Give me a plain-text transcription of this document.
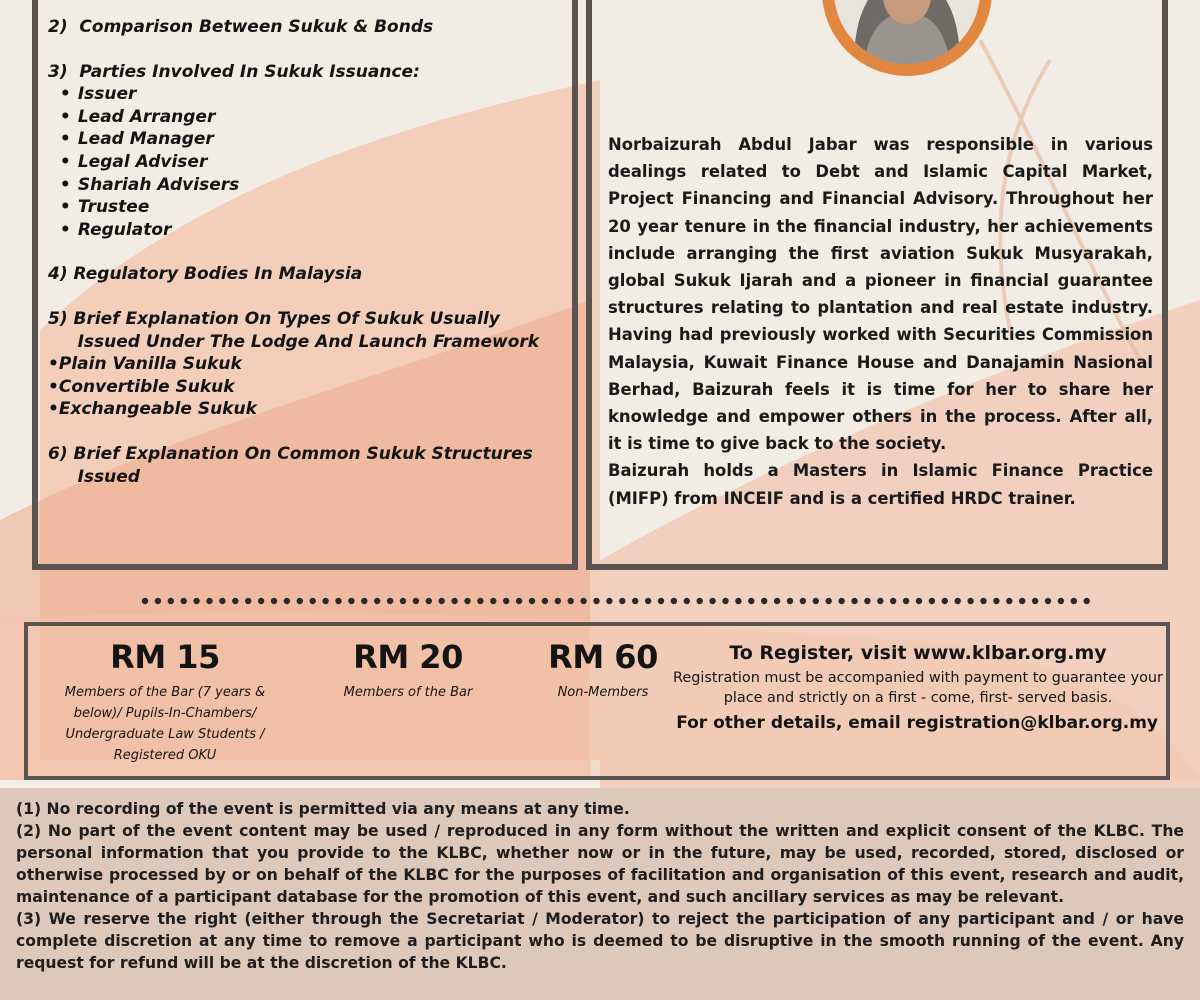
2)  Comparison Between Sukuk & Bonds
3)  Parties Involved In Sukuk Issuance:
• Issuer
• Lead Arranger
• Lead Manager
• Legal Adviser
• Shariah Advisers
• Trustee
• Regulator
4) Regulatory Bodies In Malaysia
5) Brief Explanation On Types Of Sukuk Usually
Issued Under The Lodge And Launch Framework
•Plain Vanilla Sukuk
•Convertible Sukuk
•Exchangeable Sukuk
6) Brief Explanation On Common Sukuk Structures
Issued

Norbaizurah Abdul Jabar was responsible in various dealings related to Debt and Islamic Capital Market, Project Financing and Financial Advisory. Throughout her 20 year tenure in the financial industry, her achievements include arranging the first aviation Sukuk Musyarakah, global Sukuk Ijarah and a pioneer in financial guarantee structures relating to plantation and real estate industry. Having had previously worked with Securities Commission Malaysia, Kuwait Finance House and Danajamin Nasional Berhad, Baizurah feels it is time for her to share her knowledge and empower others in the process. After all, it is time to give back to the society.

Baizurah holds a Masters in Islamic Finance Practice (MIFP) from INCEIF and is a certified HRDC trainer.

RM 15
Members of the Bar (7 years & below)/ Pupils-In-Chambers/ Undergraduate Law Students / Registered OKU
RM 20
Members of the Bar
RM 60
Non-Members
To Register, visit www.klbar.org.my
Registration must be accompanied with payment to guarantee your place and strictly on a first - come, first- served basis.
For other details, email registration@klbar.org.my

(1) No recording of the event is permitted via any means at any time.

(2) No part of the event content may be used / reproduced in any form without the written and explicit consent of the KLBC. The personal information that you provide to the KLBC, whether now or in the future, may be used, recorded, stored, disclosed or otherwise processed by or on behalf of the KLBC for the purposes of facilitation and organisation of this event, research and audit, maintenance of a participant database for the promotion of this event, and such ancillary services as may be relevant.

(3) We reserve the right (either through the Secretariat / Moderator) to reject the participation of any participant and / or have complete discretion at any time to remove a participant who is deemed to be disruptive in the smooth running of the event. Any request for refund will be at the discretion of the KLBC.
